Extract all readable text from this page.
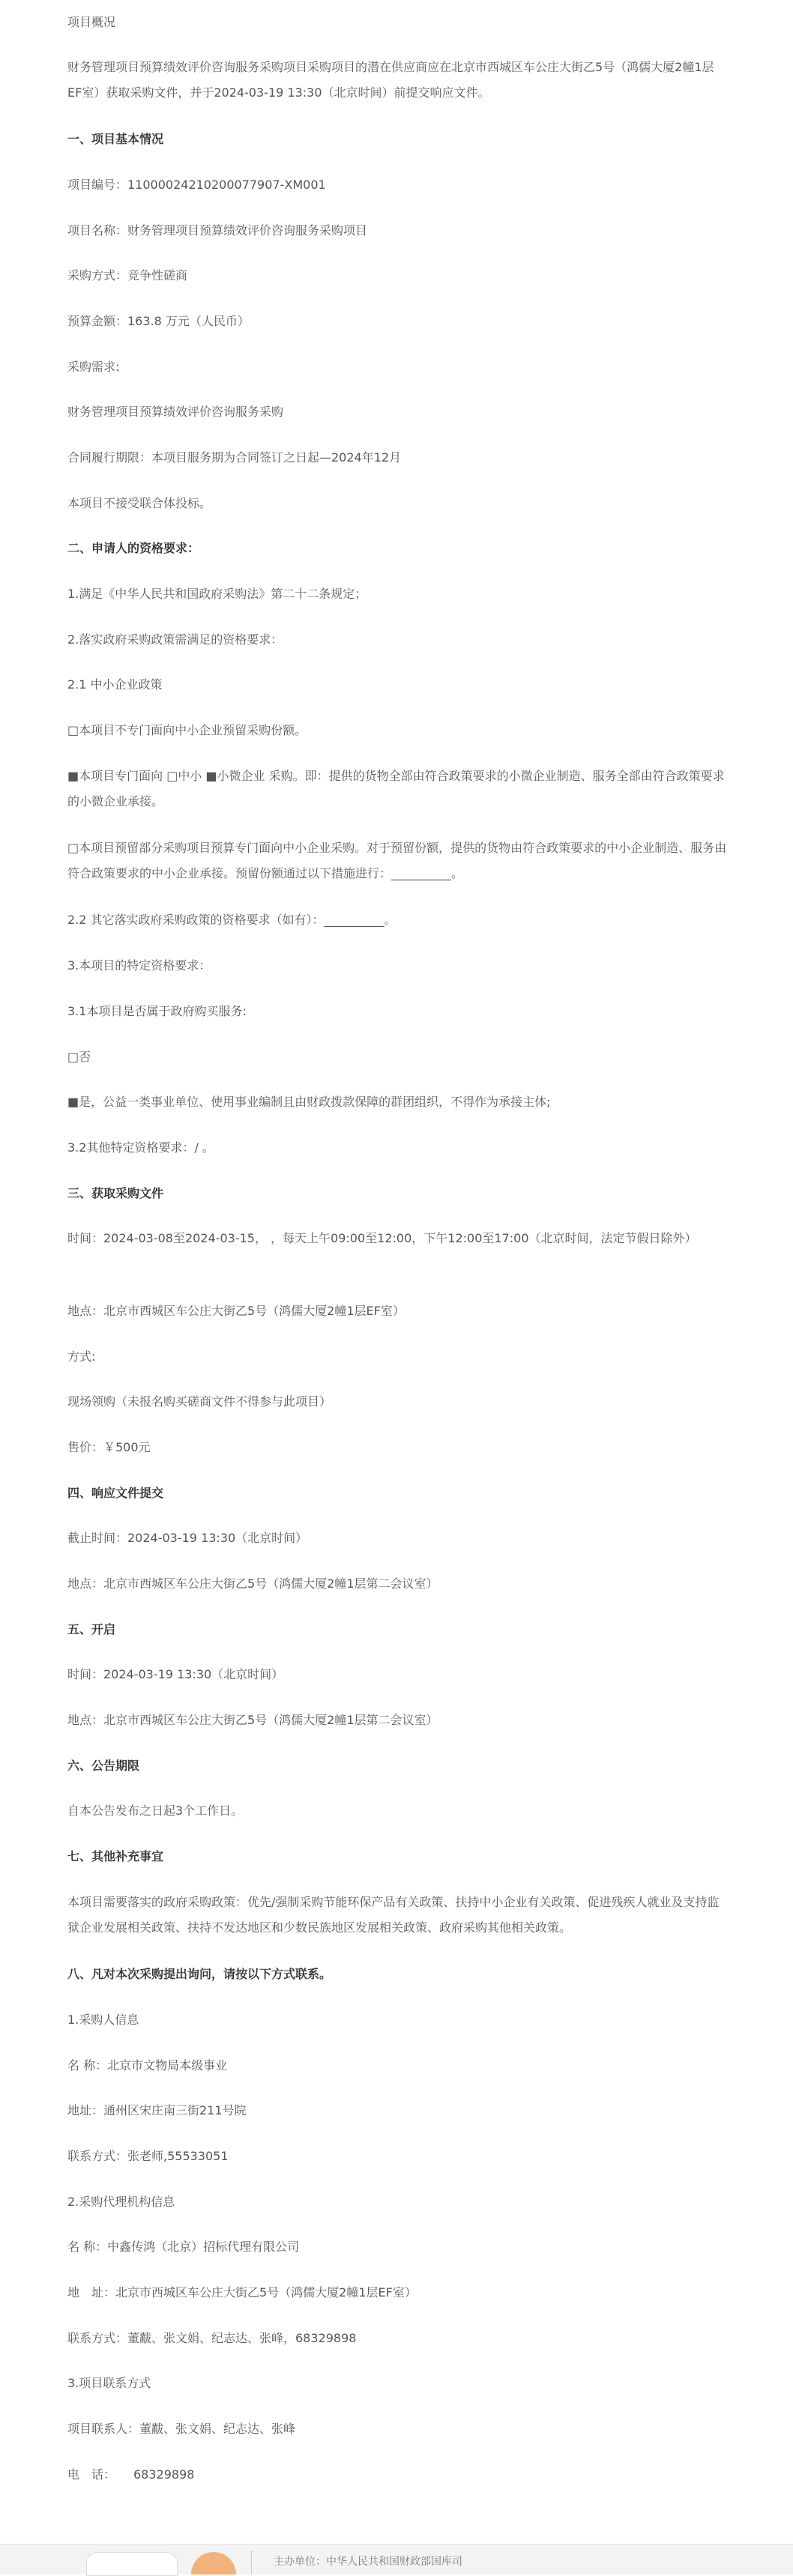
项目概况
财务管理项目预算绩效评价咨询服务采购项目采购项目的潜在供应商应在北京市西城区车公庄大街乙5号（鸿儒大厦2幢1层EF室）获取采购文件，并于2024-03-19 13:30（北京时间）前提交响应文件。
一、项目基本情况
项目编号：11000024210200077907-XM001
项目名称：财务管理项目预算绩效评价咨询服务采购项目
采购方式：竞争性磋商
预算金额：163.8 万元（人民币）
采购需求:
财务管理项目预算绩效评价咨询服务采购
合同履行期限：本项目服务期为合同签订之日起—2024年12月
本项目不接受联合体投标。
二、申请人的资格要求：
1.满足《中华人民共和国政府采购法》第二十二条规定；
2.落实政府采购政策需满足的资格要求：
2.1 中小企业政策
□本项目不专门面向中小企业预留采购份额。
■本项目专门面向 □中小 ■小微企业 采购。即：提供的货物全部由符合政策要求的小微企业制造、服务全部由符合政策要求的小微企业承接。
□本项目预留部分采购项目预算专门面向中小企业采购。对于预留份额，提供的货物由符合政策要求的中小企业制造、服务由符合政策要求的中小企业承接。预留份额通过以下措施进行：__________。
2.2 其它落实政府采购政策的资格要求（如有）：__________。
3.本项目的特定资格要求：
3.1本项目是否属于政府购买服务:
□否
■是，公益一类事业单位、使用事业编制且由财政拨款保障的群团组织，不得作为承接主体;
3.2其他特定资格要求：/ 。
三、获取采购文件
时间：2024-03-08至2024-03-15， ，每天上午09:00至12:00，下午12:00至17:00（北京时间，法定节假日除外）
地点：北京市西城区车公庄大街乙5号（鸿儒大厦2幢1层EF室）
方式:
现场领购（未报名购买磋商文件不得参与此项目）
售价：￥500元
四、响应文件提交
截止时间：2024-03-19 13:30（北京时间）
地点：北京市西城区车公庄大街乙5号（鸿儒大厦2幢1层第二会议室）
五、开启
时间：2024-03-19 13:30（北京时间）
地点：北京市西城区车公庄大街乙5号（鸿儒大厦2幢1层第二会议室）
六、公告期限
自本公告发布之日起3个工作日。
七、其他补充事宜
本项目需要落实的政府采购政策：优先/强制采购节能环保产品有关政策、扶持中小企业有关政策、促进残疾人就业及支持监狱企业发展相关政策、扶持不发达地区和少数民族地区发展相关政策、政府采购其他相关政策。
八、凡对本次采购提出询问，请按以下方式联系。
1.采购人信息
名 称：北京市文物局本级事业
地址：通州区宋庄南三街211号院
联系方式：张老师,55533051
2.采购代理机构信息
名 称：中鑫传鸿（北京）招标代理有限公司
地　址：北京市西城区车公庄大街乙5号（鸿儒大厦2幢1层EF室）
联系方式：董黻、张文娟、纪志达、张峰，68329898
3.项目联系方式
项目联系人：董黻、张文娟、纪志达、张峰
电　话：　　68329898
主办单位：中华人民共和国财政部国库司
